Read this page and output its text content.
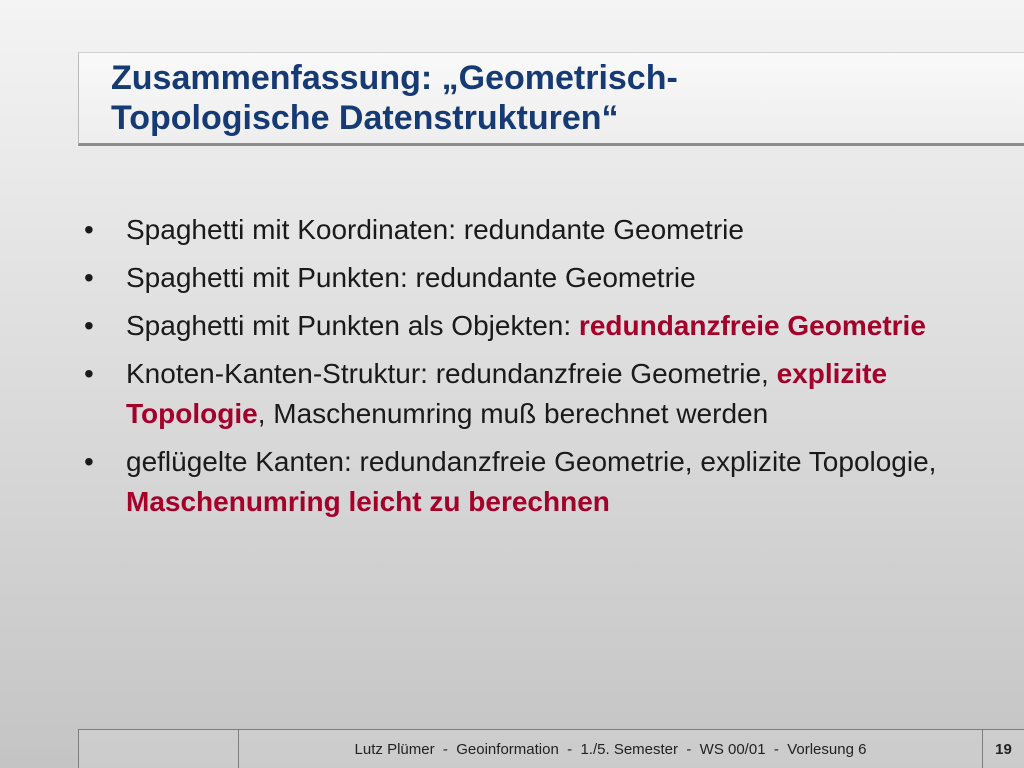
Zusammenfassung: „Geometrisch-
Topologische Datenstrukturen“
• Spaghetti mit Koordinaten: redundante Geometrie
• Spaghetti mit Punkten: redundante Geometrie
• Spaghetti mit Punkten als Objekten: redundanzfreie Geometrie
• Knoten-Kanten-Struktur: redundanzfreie Geometrie, explizite Topologie, Maschenumring muß berechnet werden
• geflügelte Kanten: redundanzfreie Geometrie, explizite Topologie, Maschenumring leicht zu berechnen
Lutz Plümer  -  Geoinformation  -  1./5. Semester  -  WS 00/01  -  Vorlesung 6	19
